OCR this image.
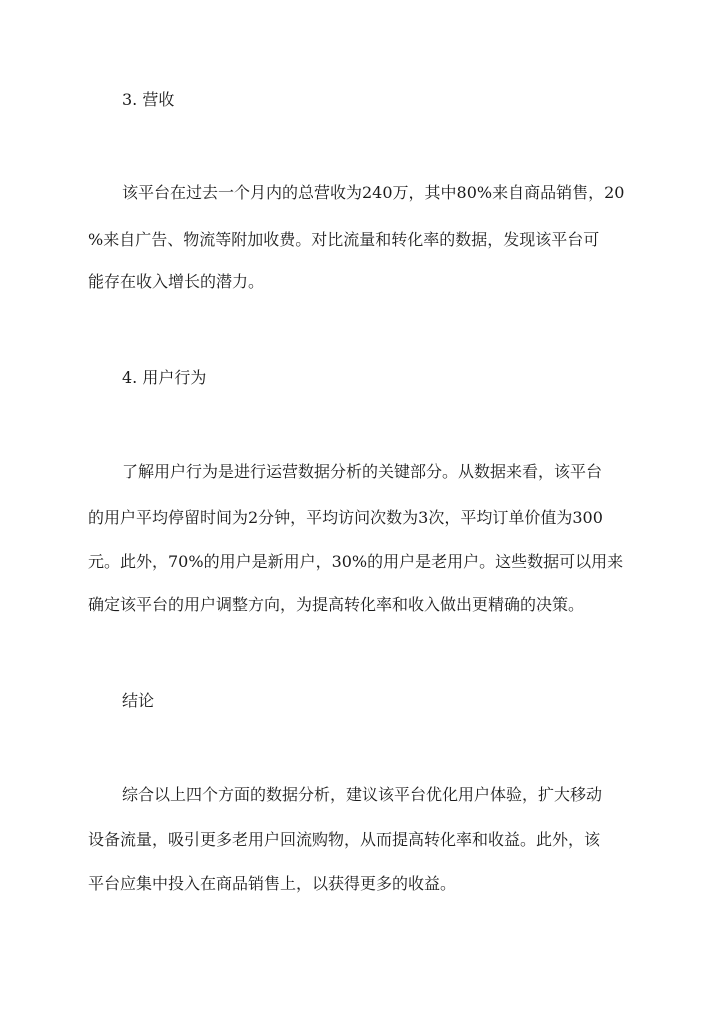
3. 营收

该平台在过去一个月内的总营收为240万，其中80%来自商品销售，20

%来自广告、物流等附加收费。对比流量和转化率的数据，发现该平台可

能存在收入增长的潜力。

4. 用户行为

了解用户行为是进行运营数据分析的关键部分。从数据来看，该平台

的用户平均停留时间为2分钟，平均访问次数为3次，平均订单价值为300

元。此外，70%的用户是新用户，30%的用户是老用户。这些数据可以用来

确定该平台的用户调整方向，为提高转化率和收入做出更精确的决策。

结论

综合以上四个方面的数据分析，建议该平台优化用户体验，扩大移动

设备流量，吸引更多老用户回流购物，从而提高转化率和收益。此外，该

平台应集中投入在商品销售上，以获得更多的收益。
